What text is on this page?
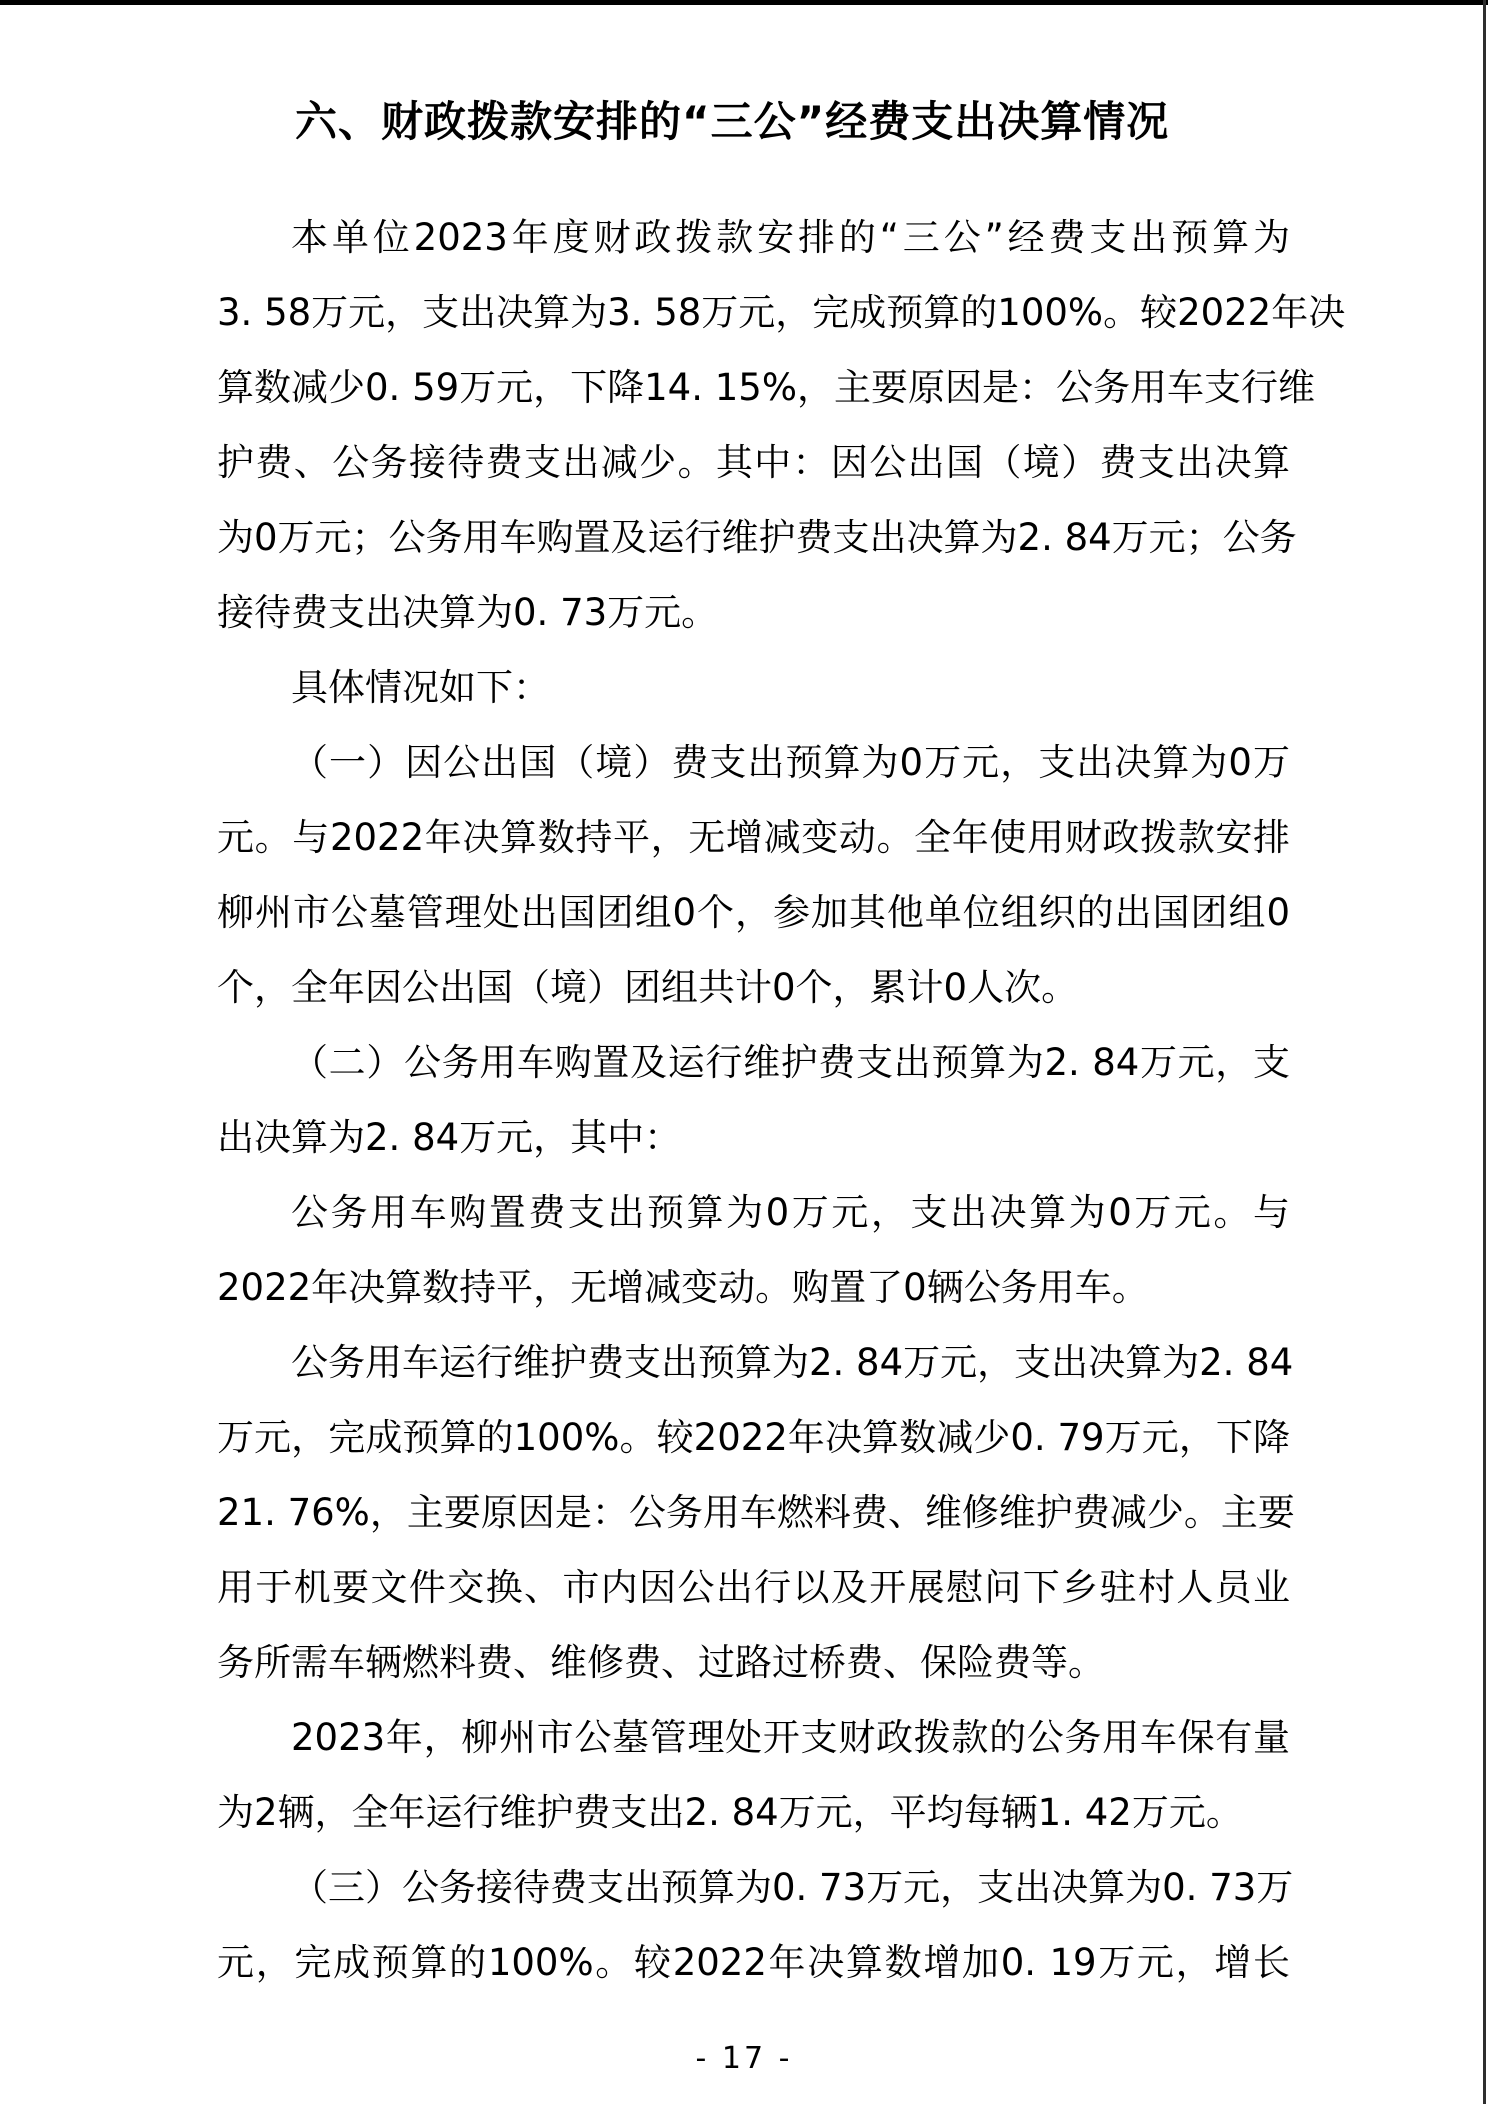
六、财政拨款安排的“三公”经费支出决算情况
本单位2023年度财政拨款安排的“三公”经费支出预算为
3. 58万元，支出决算为3. 58万元，完成预算的100%。较2022年决
算数减少0. 59万元，下降14. 15%，主要原因是：公务用车支行维
护费、公务接待费支出减少。其中：因公出国（境）费支出决算
为0万元；公务用车购置及运行维护费支出决算为2. 84万元；公务
接待费支出决算为0. 73万元。
具体情况如下：
（一）因公出国（境）费支出预算为0万元，支出决算为0万
元。与2022年决算数持平，无增减变动。全年使用财政拨款安排
柳州市公墓管理处出国团组0个，参加其他单位组织的出国团组0
个，全年因公出国（境）团组共计0个，累计0人次。
（二）公务用车购置及运行维护费支出预算为2. 84万元，支
出决算为2. 84万元，其中：
公务用车购置费支出预算为0万元，支出决算为0万元。与
2022年决算数持平，无增减变动。购置了0辆公务用车。
公务用车运行维护费支出预算为2. 84万元，支出决算为2. 84
万元，完成预算的100%。较2022年决算数减少0. 79万元，下降
21. 76%，主要原因是：公务用车燃料费、维修维护费减少。主要
用于机要文件交换、市内因公出行以及开展慰问下乡驻村人员业
务所需车辆燃料费、维修费、过路过桥费、保险费等。
2023年，柳州市公墓管理处开支财政拨款的公务用车保有量
为2辆，全年运行维护费支出2. 84万元，平均每辆1. 42万元。
（三）公务接待费支出预算为0. 73万元，支出决算为0. 73万
元，完成预算的100%。较2022年决算数增加0. 19万元，增长
- 17 -
